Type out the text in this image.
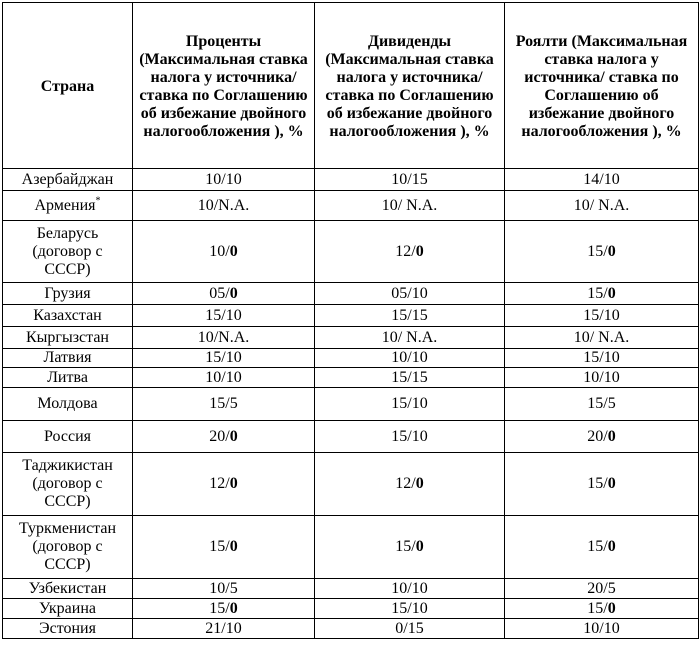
Страна	Проценты (Максимальная ставка налога у источника/ ставка по Соглашению об избежание двойного налогообложения ), %	Дивиденды (Максимальная ставка налога у источника/ ставка по Соглашению об избежание двойного налогообложения ), %	Роялти (Максимальная ставка налога у источника/ ставка по Соглашению об избежание двойного налогообложения ), %
Азербайджан	10/10	10/15	14/10
Армения*	10/N.A.	10/ N.A.	10/ N.A.
Беларусь
(договор с
СССР)	10/0	12/0	15/0
Грузия	05/0	05/10	15/0
Казахстан	15/10	15/15	15/10
Кыргызстан	10/N.A.	10/ N.A.	10/ N.A.
Латвия	15/10	10/10	15/10
Литва	10/10	15/15	10/10
Молдова	15/5	15/10	15/5
Россия	20/0	15/10	20/0
Таджикистан
(договор с
СССР)	12/0	12/0	15/0
Туркменистан
(договор с
СССР)	15/0	15/0	15/0
Узбекистан	10/5	10/10	20/5
Украина	15/0	15/10	15/0
Эстония	21/10	0/15	10/10
